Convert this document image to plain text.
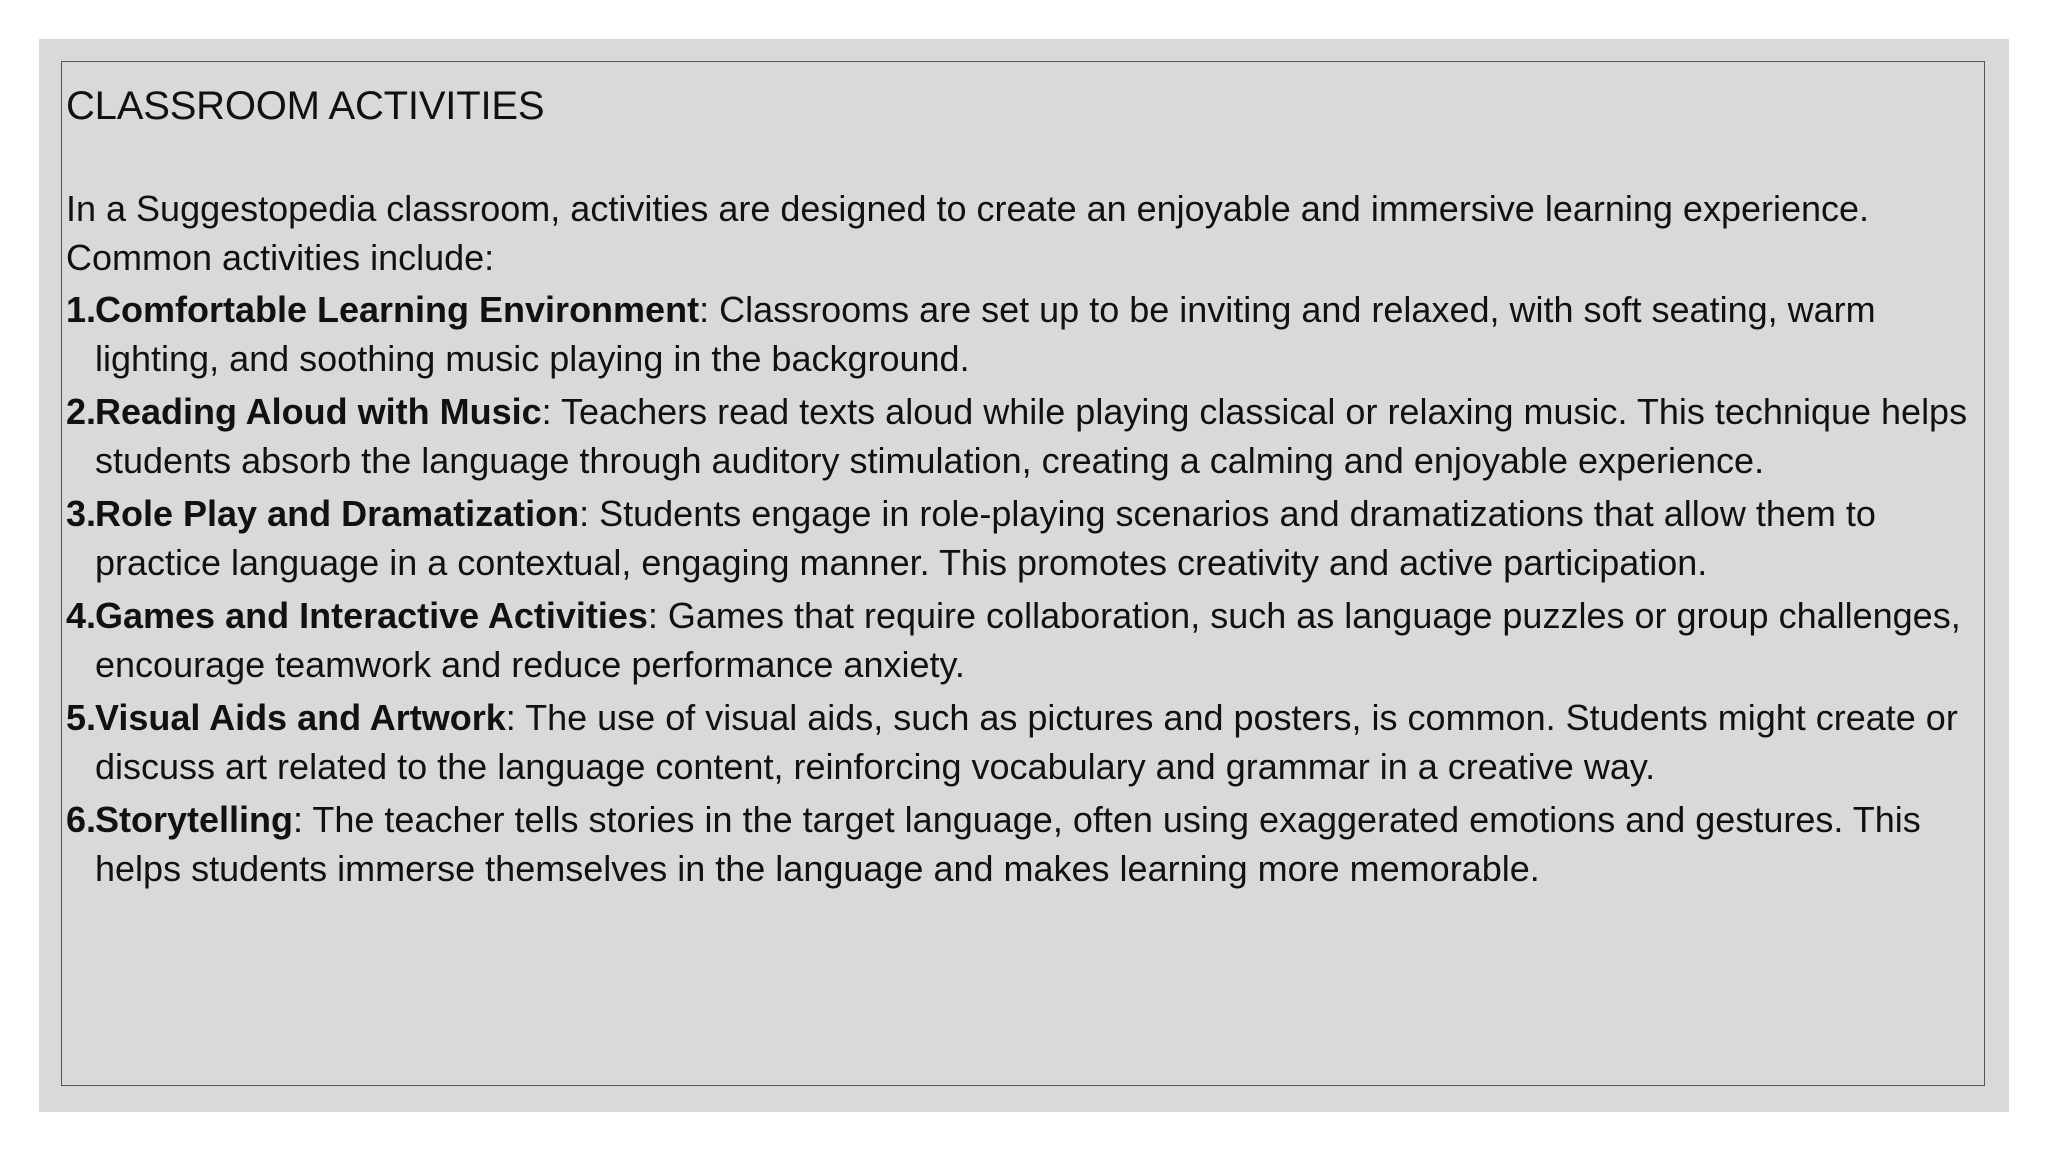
CLASSROOM ACTIVITIES

In a Suggestopedia classroom, activities are designed to create an enjoyable and immersive learning experience. Common activities include:

1.
Comfortable Learning Environment: Classrooms are set up to be inviting and relaxed, with soft seating, warm lighting, and soothing music playing in the background.
2.
Reading Aloud with Music: Teachers read texts aloud while playing classical or relaxing music. This technique helps students absorb the language through auditory stimulation, creating a calming and enjoyable experience.
3.
Role Play and Dramatization: Students engage in role-playing scenarios and dramatizations that allow them to practice language in a contextual, engaging manner. This promotes creativity and active participation.
4.
Games and Interactive Activities: Games that require collaboration, such as language puzzles or group challenges, encourage teamwork and reduce performance anxiety.
5.
Visual Aids and Artwork: The use of visual aids, such as pictures and posters, is common. Students might create or discuss art related to the language content, reinforcing vocabulary and grammar in a creative way.
6.
Storytelling: The teacher tells stories in the target language, often using exaggerated emotions and gestures. This helps students immerse themselves in the language and makes learning more memorable.
